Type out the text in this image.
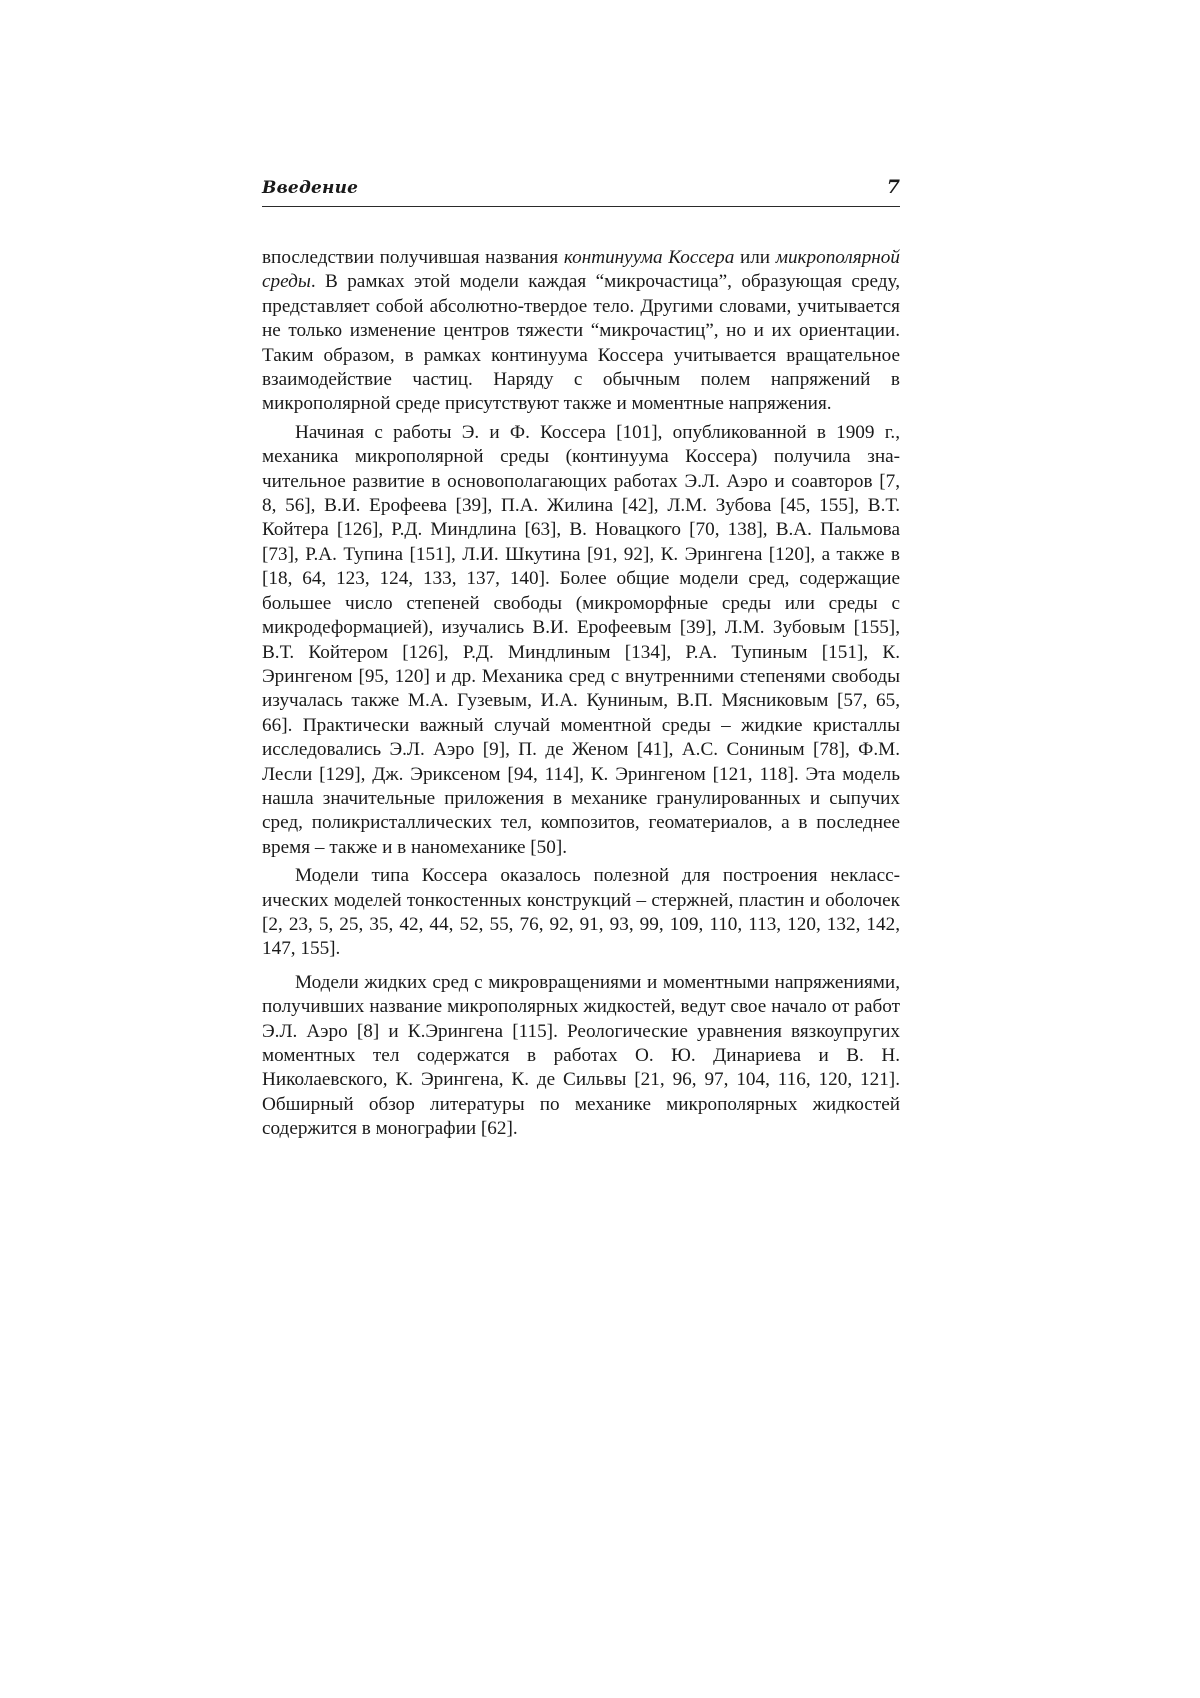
Введение	7

впоследствии получившая названия континуума Коссера или микрополярной среды. В рамках этой модели каждая “микрочастица”, образующая среду, представляет собой абсолютно-твердое тело. Другими словами, учитывается не только изменение центров тяжести “микрочастиц”, но и их ориентации. Таким образом, в рамках континуума Коссера учитывается вращательное взаимодействие частиц. Наряду с обычным полем напряжений в микрополярной среде присутствуют также и моментные напряжения.

Начиная с работы Э. и Ф. Коссера [101], опубликованной в 1909 г., механика микрополярной среды (континуума Коссера) получила значительное развитие в основополагающих работах Э.Л. Аэро и соавторов [7, 8, 56], В.И. Ерофеева [39], П.А. Жилина [42], Л.М. Зубова [45, 155], В.Т. Койтера [126], Р.Д. Миндлина [63], В. Новацкого [70, 138], В.А. Пальмова [73], Р.А. Тупина [151], Л.И. Шкутина [91, 92], К. Эрингена [120], а также в [18, 64, 123, 124, 133, 137, 140]. Более общие модели сред, содержащие большее число степеней свободы (микроморфные среды или среды с микродеформацией), изучались В.И. Ерофеевым [39], Л.М. Зубовым [155], В.Т. Койтером [126], Р.Д. Миндлиным [134], Р.А. Тупиным [151], К. Эрингеном [95, 120] и др. Механика сред с внутренними степенями свободы изучалась также М.А. Гузевым, И.А. Куниным, В.П. Мясниковым [57, 65, 66]. Практически важный случай моментной среды – жидкие кристаллы исследовались Э.Л. Аэро [9], П. де Женом [41], А.С. Сониным [78], Ф.М. Лесли [129], Дж. Эриксеном [94, 114], К. Эрингеном [121, 118]. Эта модель нашла значительные приложения в механике гранулированных и сыпучих сред, поликристаллических тел, композитов, геоматериалов, а в последнее время – также и в наномеханике [50].

Модели типа Коссера оказалось полезной для построения неклассических моделей тонкостенных конструкций – стержней, пластин и оболочек [2, 23, 5, 25, 35, 42, 44, 52, 55, 76, 92, 91, 93, 99, 109, 110, 113, 120, 132, 142, 147, 155].

Модели жидких сред с микровращениями и моментными напряжениями, получивших название микрополярных жидкостей, ведут свое начало от работ Э.Л. Аэро [8] и К.Эрингена [115]. Реологические уравнения вязкоупругих моментных тел содержатся в работах О. Ю. Динариева и В. Н. Николаевского, К. Эрингена, К. де Сильвы [21, 96, 97, 104, 116, 120, 121]. Обширный обзор литературы по механике микрополярных жидкостей содержится в монографии [62].
